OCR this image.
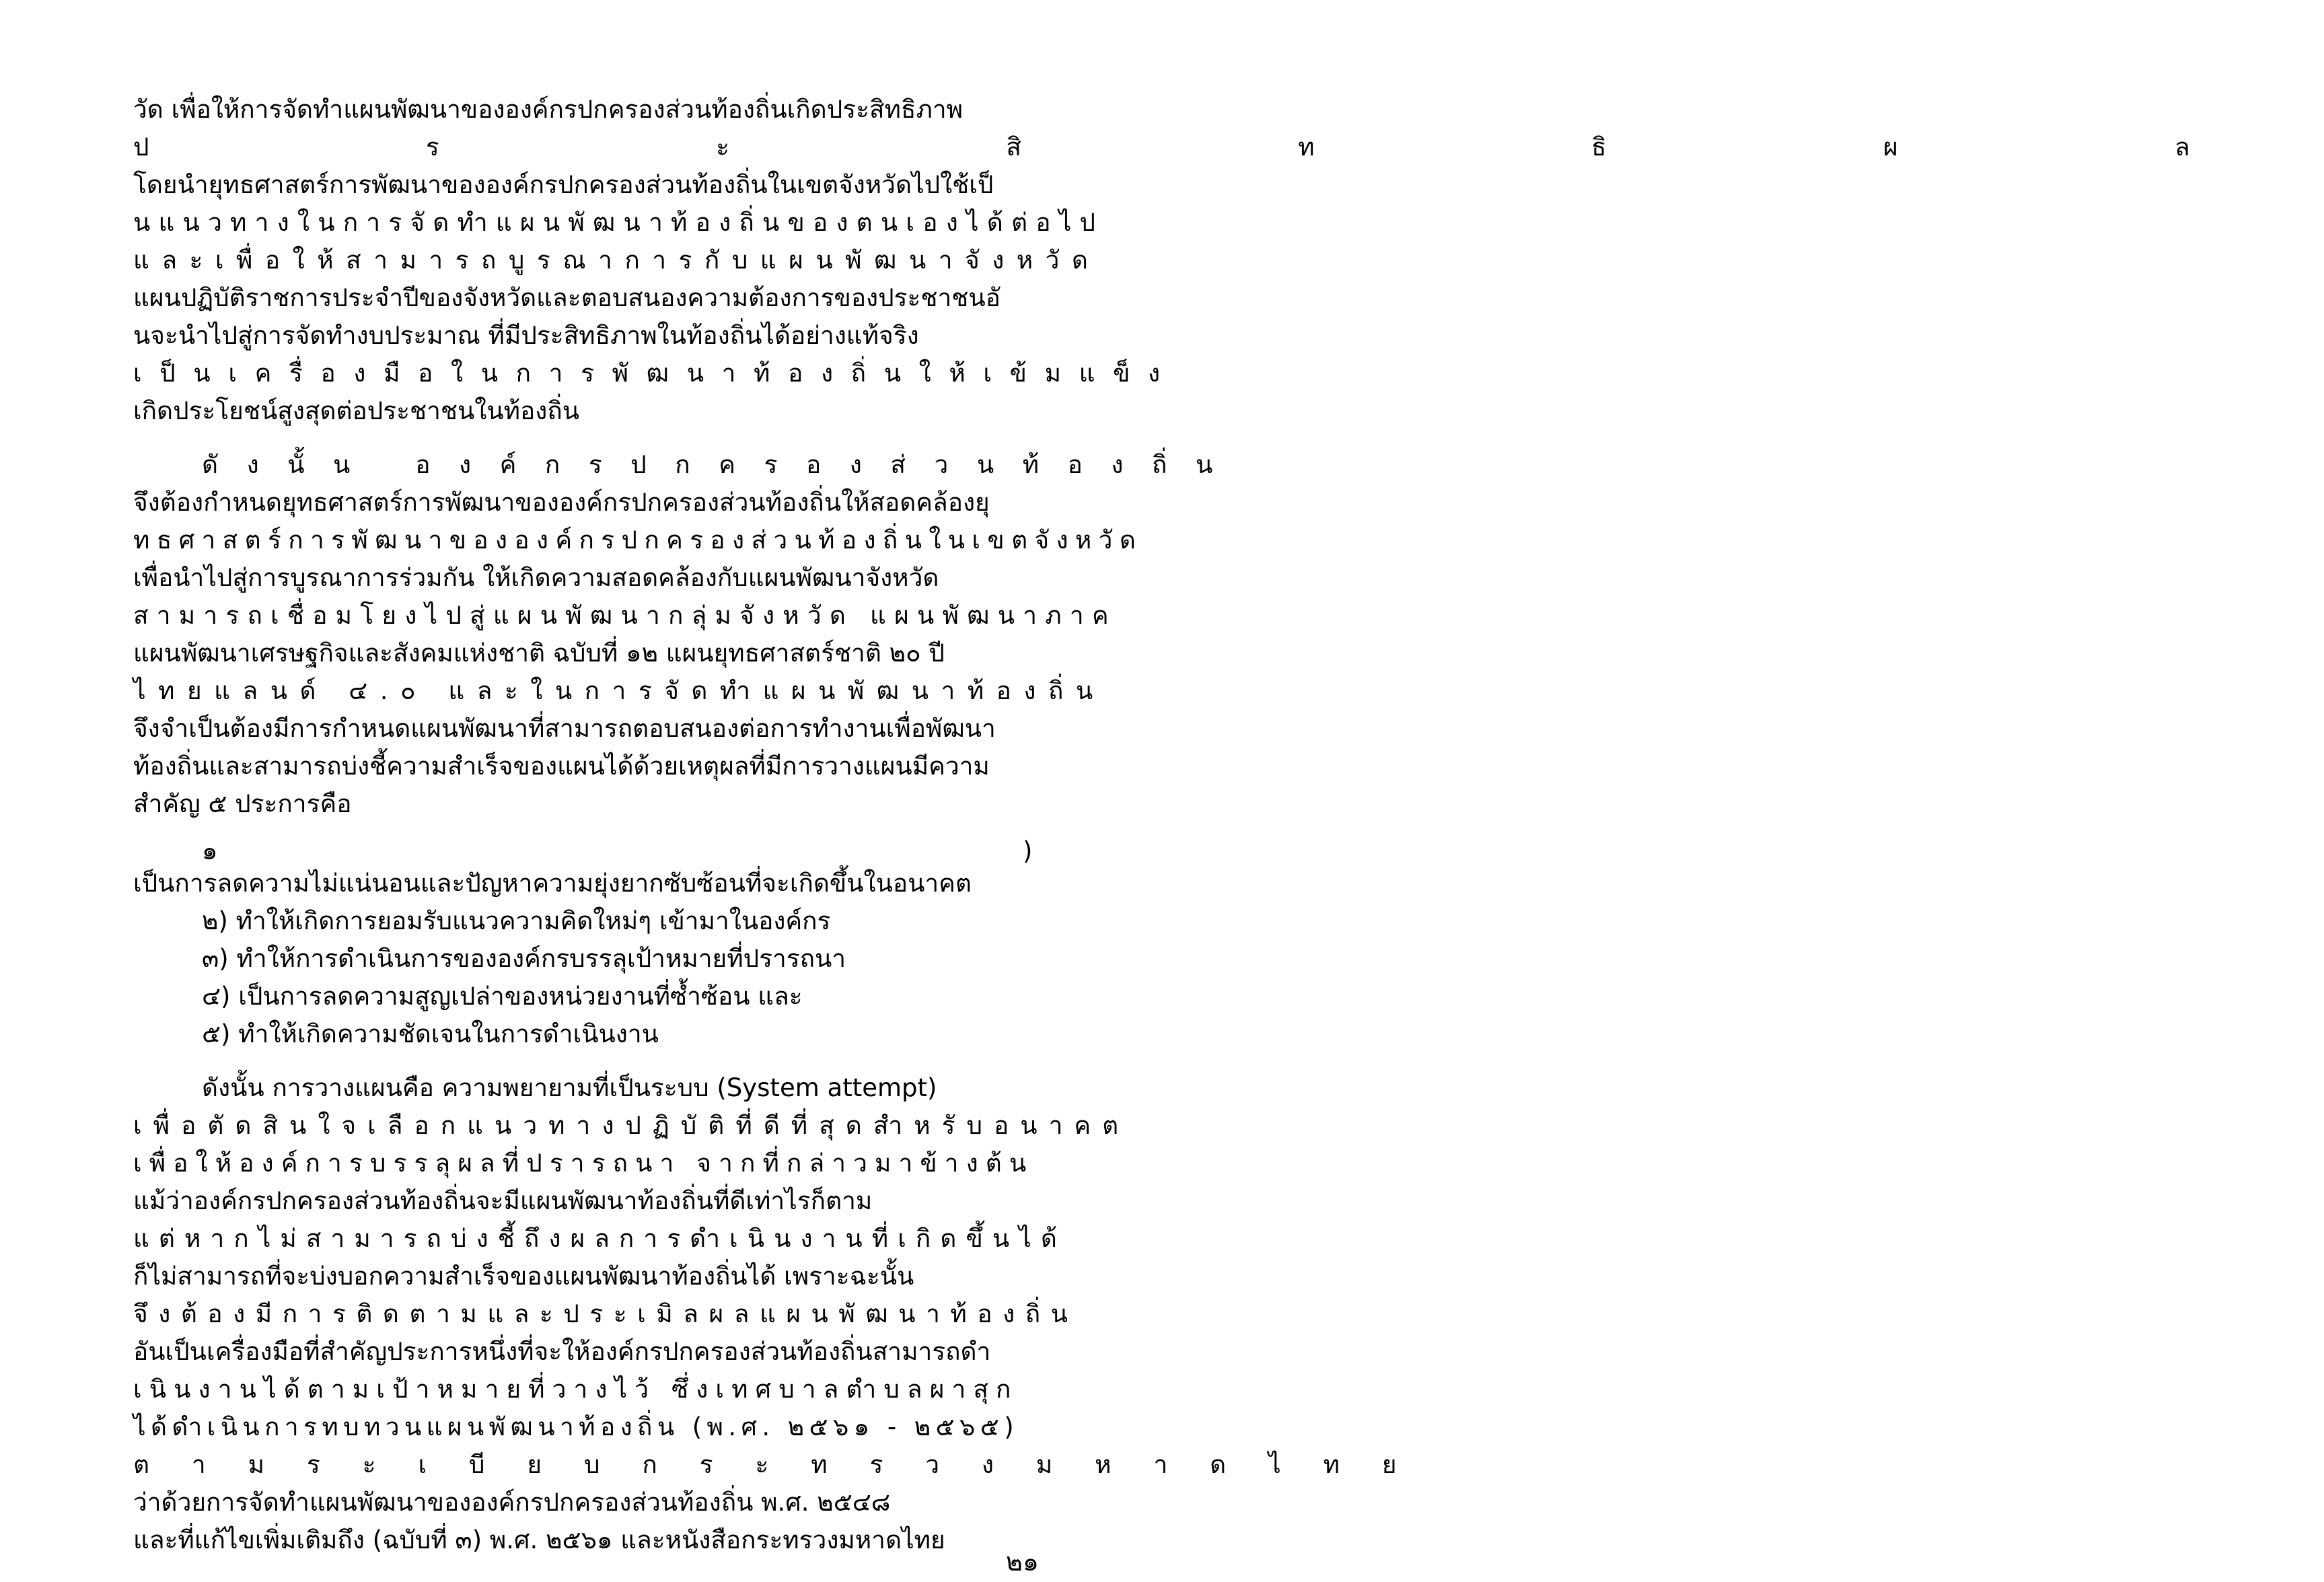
วัด เพื่อให้การจัดทำแผนพัฒนาขององค์กรปกครองส่วนท้องถิ่นเกิดประสิทธิภาพ
ป ร ะ สิ ท ธิ ผ ล
โดยนำยุทธศาสตร์การพัฒนาขององค์กรปกครองส่วนท้องถิ่นในเขตจังหวัดไปใช้เป็
นแนวทางในการจัดทำแผนพัฒนาท้องถิ่นของตนเองได้ต่อไป
และเพื่อให้สามารถบูรณาการกับแผนพัฒนาจังหวัด
แผนปฏิบัติราชการประจำปีของจังหวัดและตอบสนองความต้องการของประชาชนอั
นจะนำไปสู่การจัดทำงบประมาณ ที่มีประสิทธิภาพในท้องถิ่นได้อย่างแท้จริง
เป็นเครื่องมือในการพัฒนาท้องถิ่นให้เข้มแข็ง
เกิดประโยชน์สูงสุดต่อประชาชนในท้องถิ่น
ดังนั้น องค์กรปกครองส่วนท้องถิ่น
จึงต้องกำหนดยุทธศาสตร์การพัฒนาขององค์กรปกครองส่วนท้องถิ่นให้สอดคล้องยุ
ทธศาสตร์การพัฒนาขององค์กรปกครองส่วนท้องถิ่นในเขตจังหวัด
เพื่อนำไปสู่การบูรณาการร่วมกัน ให้เกิดความสอดคล้องกับแผนพัฒนาจังหวัด
สามารถเชื่อมโยงไปสู่แผนพัฒนากลุ่มจังหวัด แผนพัฒนาภาค
แผนพัฒนาเศรษฐกิจและสังคมแห่งชาติ ฉบับที่ ๑๒ แผนยุทธศาสตร์ชาติ ๒๐ ปี
ไทยแลนด์ ๔.๐ และในการจัดทำแผนพัฒนาท้องถิ่น
จึงจำเป็นต้องมีการกำหนดแผนพัฒนาที่สามารถตอบสนองต่อการทำงานเพื่อพัฒนา
ท้องถิ่นและสามารถบ่งชี้ความสำเร็จของแผนได้ด้วยเหตุผลที่มีการวางแผนมีความ
สำคัญ ๕ ประการคือ
๑	)
เป็นการลดความไม่แน่นอนและปัญหาความยุ่งยากซับซ้อนที่จะเกิดขึ้นในอนาคต
๒) ทำให้เกิดการยอมรับแนวความคิดใหม่ๆ เข้ามาในองค์กร
๓) ทำให้การดำเนินการขององค์กรบรรลุเป้าหมายที่ปรารถนา
๔) เป็นการลดความสูญเปล่าของหน่วยงานที่ซ้ำซ้อน และ
๕) ทำให้เกิดความชัดเจนในการดำเนินงาน
ดังนั้น การวางแผนคือ ความพยายามที่เป็นระบบ (System attempt)
เพื่อตัดสินใจเลือกแนวทางปฏิบัติที่ดีที่สุดสำหรับอนาคต
เพื่อให้องค์การบรรลุผลที่ปรารถนา จากที่กล่าวมาข้างต้น
แม้ว่าองค์กรปกครองส่วนท้องถิ่นจะมีแผนพัฒนาท้องถิ่นที่ดีเท่าไรก็ตาม
แต่หากไม่สามารถบ่งชี้ถึงผลการดำเนินงานที่เกิดขึ้นได้
ก็ไม่สามารถที่จะบ่งบอกความสำเร็จของแผนพัฒนาท้องถิ่นได้ เพราะฉะนั้น
จึงต้องมีการติดตามและประเมิลผลแผนพัฒนาท้องถิ่น
อันเป็นเครื่องมือที่สำคัญประการหนึ่งที่จะให้องค์กรปกครองส่วนท้องถิ่นสามารถดำ
เนินงานได้ตามเป้าหมายที่วางไว้ ซึ่งเทศบาลตำบลผาสุก
ได้ดำเนินการทบทวนแผนพัฒนาท้องถิ่น (พ.ศ. ๒๕๖๑ - ๒๕๖๕)
ตามระเบียบกระทรวงมหาดไทย
ว่าด้วยการจัดทำแผนพัฒนาขององค์กรปกครองส่วนท้องถิ่น พ.ศ. ๒๕๔๘
และที่แก้ไขเพิ่มเติมถึง (ฉบับที่ ๓) พ.ศ. ๒๕๖๑ และหนังสือกระทรวงมหาดไทย
๒๑
